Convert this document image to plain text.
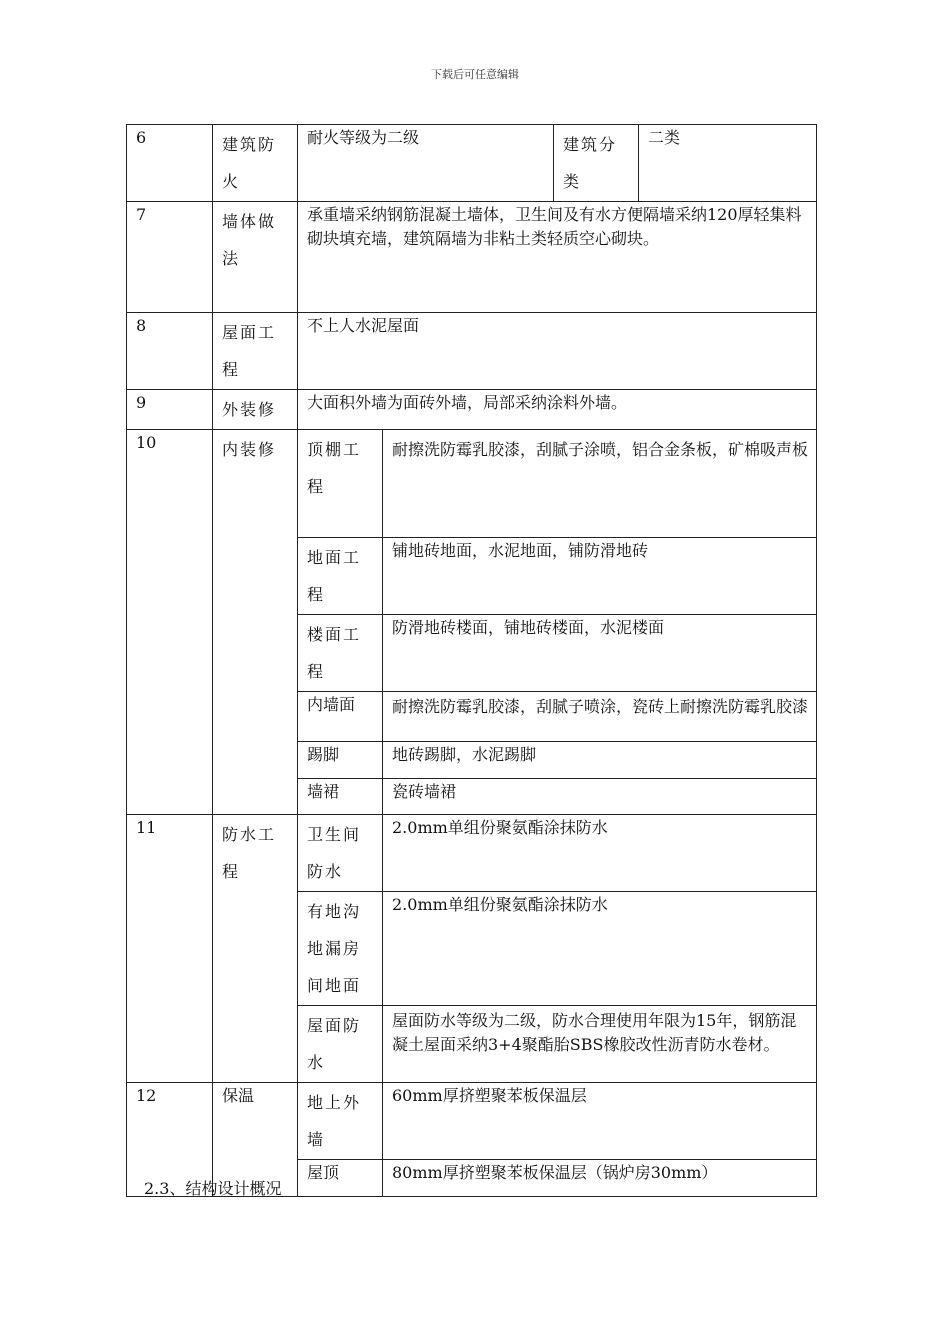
下载后可任意编辑
6	建筑防火	耐火等级为二级		建筑分类	二类
7	墙体做法	承重墙采纳钢筋混凝土墙体，卫生间及有水方便隔墙采纳120厚轻集料砌块填充墙，建筑隔墙为非粘土类轻质空心砌块。			
8	屋面工程	不上人水泥屋面			
9	外装修	大面积外墙为面砖外墙，局部采纳涂料外墙。			
10	内装修	顶棚工程	耐擦洗防霉乳胶漆，刮腻子涂喷，铝合金条板，矿棉吸声板		
		地面工程	铺地砖地面，水泥地面，铺防滑地砖		
		楼面工程	防滑地砖楼面，铺地砖楼面，水泥楼面		
		内墙面	耐擦洗防霉乳胶漆，刮腻子喷涂，瓷砖上耐擦洗防霉乳胶漆		
		踢脚	地砖踢脚，水泥踢脚		
		墙裙	瓷砖墙裙		
11	防水工程	卫生间防水	2.0mm单组份聚氨酯涂抹防水		
		有地沟地漏房间地面	2.0mm单组份聚氨酯涂抹防水		
		屋面防水	屋面防水等级为二级，防水合理使用年限为15年，钢筋混凝土屋面采纳3+4聚酯胎SBS橡胶改性沥青防水卷材。		
12	保温	地上外墙	60mm厚挤塑聚苯板保温层		
		屋顶	80mm厚挤塑聚苯板保温层（锅炉房30mm）		
2.3、结构设计概况
